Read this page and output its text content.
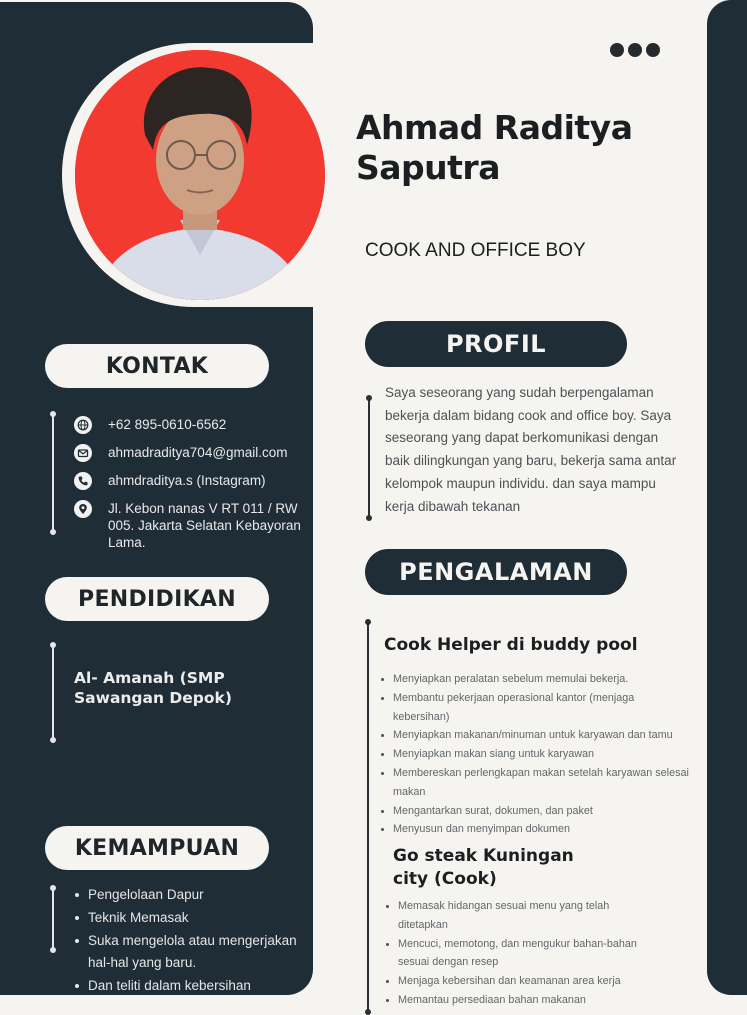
Ahmad Raditya Saputra
COOK AND OFFICE BOY
KONTAK
+62 895-0610-6562
ahmadraditya704@gmail.com
ahmdraditya.s (Instagram)
Jl. Kebon nanas V RT 011 / RW 005. Jakarta Selatan Kebayoran Lama.
PENDIDIKAN
Al- Amanah (SMP Sawangan Depok)
KEMAMPUAN
Pengelolaan Dapur
Teknik Memasak
Suka mengelola atau mengerjakan hal-hal yang baru.
Dan teliti dalam kebersihan
PROFIL
Saya seseorang yang sudah berpengalaman bekerja dalam bidang cook and office boy. Saya seseorang yang dapat berkomunikasi dengan baik dilingkungan yang baru, bekerja sama antar kelompok maupun individu. dan saya mampu kerja dibawah tekanan
PENGALAMAN
Cook Helper di buddy pool
Menyiapkan peralatan sebelum memulai bekerja.
Membantu pekerjaan operasional kantor (menjaga kebersihan)
Menyiapkan makanan/minuman untuk karyawan dan tamu
Menyiapkan makan siang untuk karyawan
Membereskan perlengkapan makan setelah karyawan selesai makan
Mengantarkan surat, dokumen, dan paket
Menyusun dan menyimpan dokumen
Go steak Kuningan city (Cook)
Memasak hidangan sesuai menu yang telah ditetapkan
Mencuci, memotong, dan mengukur bahan-bahan sesuai dengan resep
Menjaga kebersihan dan keamanan area kerja
Memantau persediaan bahan makanan
